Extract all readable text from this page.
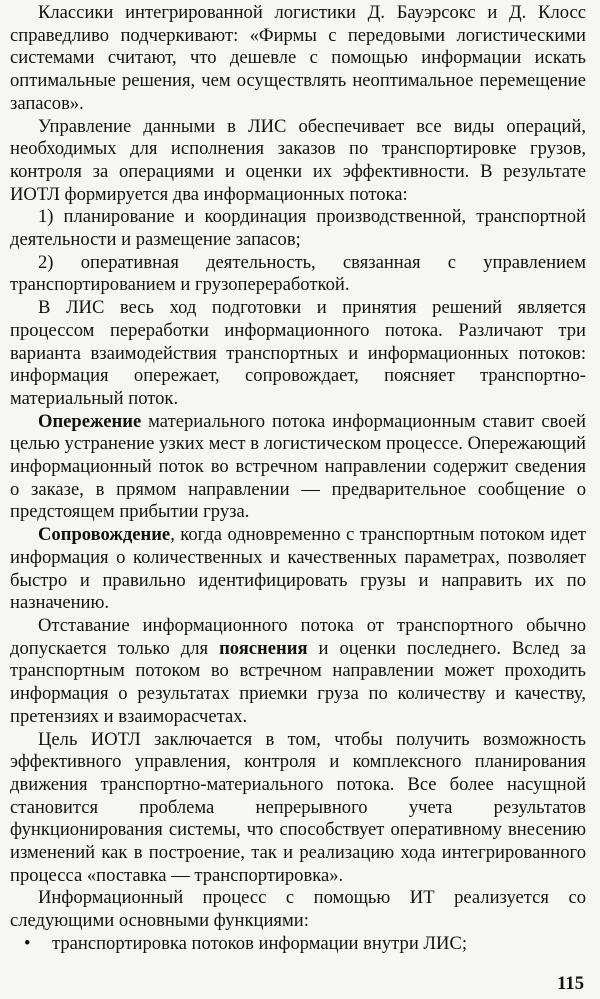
Классики интегрированной логистики Д. Бауэрсокс и Д. Клосс справедливо подчеркивают: «Фирмы с передовыми логистическими системами считают, что дешевле с помощью информации искать оптимальные решения, чем осуществлять неоптимальное перемещение запасов».

Управление данными в ЛИС обеспечивает все виды операций, необходимых для исполнения заказов по транспортировке грузов, контроля за операциями и оценки их эффективности. В результате ИОТЛ формируется два информационных потока:

1) планирование и координация производственной, транспортной деятельности и размещение запасов;

2) оперативная деятельность, связанная с управлением транспортированием и грузопереработкой.

В ЛИС весь ход подготовки и принятия решений является процессом переработки информационного потока. Различают три варианта взаимодействия транспортных и информационных потоков: информация опережает, сопровождает, поясняет транспортно-материальный поток.

Опережение материального потока информационным ставит своей целью устранение узких мест в логистическом процессе. Опережающий информационный поток во встречном направлении содержит сведения о заказе, в прямом направлении — предварительное сообщение о предстоящем прибытии груза.

Сопровождение, когда одновременно с транспортным потоком идет информация о количественных и качественных параметрах, позволяет быстро и правильно идентифицировать грузы и направить их по назначению.

Отставание информационного потока от транспортного обычно допускается только для пояснения и оценки последнего. Вслед за транспортным потоком во встречном направлении может проходить информация о результатах приемки груза по количеству и качеству, претензиях и взаиморасчетах.

Цель ИОТЛ заключается в том, чтобы получить возможность эффективного управления, контроля и комплексного планирования движения транспортно-материального потока. Все более насущной становится проблема непрерывного учета результатов функционирования системы, что способствует оперативному внесению изменений как в построение, так и реализацию хода интегрированного процесса «поставка — транспортировка».

Информационный процесс с помощью ИТ реализуется со следующими основными функциями:

•	транспортировка потоков информации внутри ЛИС;
115
